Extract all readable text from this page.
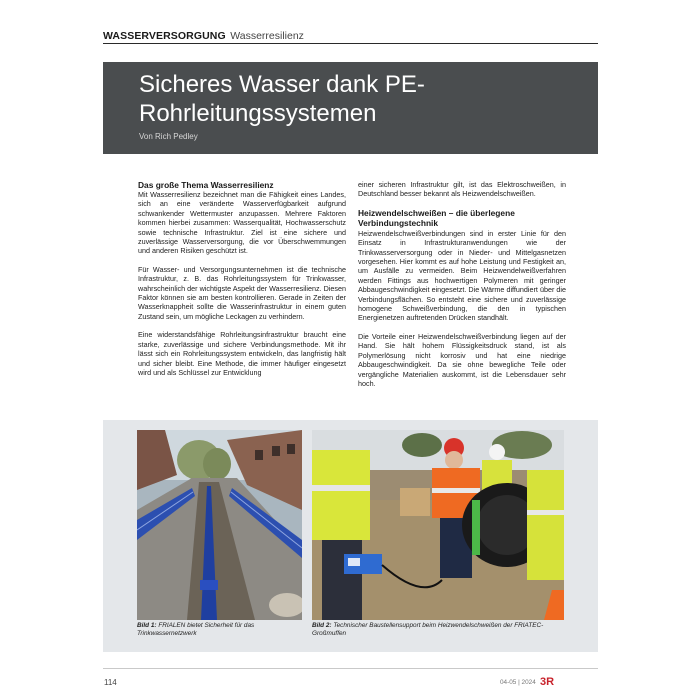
WASSERVERSORGUNG Wasserresilienz
Sicheres Wasser dank PE-Rohrleitungssystemen
Von Rich Pedley
Das große Thema Wasserresilienz

Mit Wasserresilienz bezeichnet man die Fähigkeit eines Landes, sich an eine veränderte Wasserverfügbarkeit aufgrund schwankender Wettermuster anzupassen. Mehrere Faktoren kommen hierbei zusammen: Wasserqualität, Hochwasserschutz sowie technische Infrastruktur. Ziel ist eine sichere und zuverlässige Wasserversorgung, die vor Überschwemmungen und anderen Risiken geschützt ist.

Für Wasser- und Versorgungsunternehmen ist die technische Infrastruktur, z. B. das Rohrleitungssystem für Trinkwasser, wahrscheinlich der wichtigste Aspekt der Wasserresilienz. Diesen Faktor können sie am besten kontrollieren. Gerade in Zeiten der Wasserknappheit sollte die Wasserinfrastruktur in einem guten Zustand sein, um mögliche Leckagen zu verhindern.

Eine widerstandsfähige Rohrleitungsinfrastruktur braucht eine starke, zuverlässige und sichere Verbindungsmethode. Mit ihr lässt sich ein Rohrleitungssystem entwickeln, das langfristig hält und sicher bleibt. Eine Methode, die immer häufiger eingesetzt wird und als Schlüssel zur Entwicklung

einer sicheren Infrastruktur gilt, ist das Elektroschweißen, in Deutschland besser bekannt als Heizwendelschweißen.

Heizwendelschweißen – die überlegene Verbindungstechnik

Heizwendelschweißverbindungen sind in erster Linie für den Einsatz in Infrastrukturanwendungen wie der Trinkwasserversorgung oder in Nieder- und Mittelgasnetzen vorgesehen. Hier kommt es auf hohe Leistung und Festigkeit an, um Ausfälle zu vermeiden. Beim Heizwendelweißverfahren werden Fittings aus hochwertigen Polymeren mit geringer Abbaugeschwindigkeit eingesetzt. Die Wärme diffundiert über die Verbindungsflächen. So entsteht eine sichere und zuverlässige homogene Schweißverbindung, die den in typischen Energienetzen auftretenden Drücken standhält.

Die Vorteile einer Heizwendelschweißverbindung liegen auf der Hand. Sie hält hohem Flüssigkeitsdruck stand, ist als Polymerlösung nicht korrosiv und hat eine niedrige Abbaugeschwindigkeit. Da sie ohne bewegliche Teile oder vergängliche Materialien auskommt, ist die Lebensdauer sehr hoch.

Bild 1: FRIALEN bietet Sicherheit für das Trinkwassernetzwerk
Bild 2: Technischer Baustellensupport beim Heizwendelschweißen der FRIATEC-Großmuffen
114	04-05 | 2024 3R
